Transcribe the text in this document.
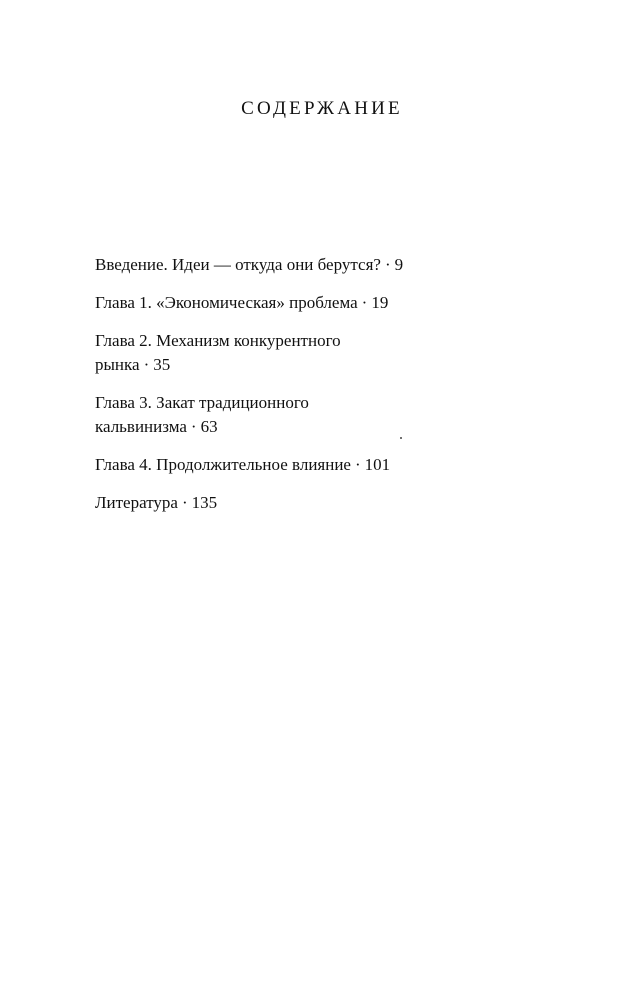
СОДЕРЖАНИЕ
Введение. Идеи — откуда они берутся? · 9
Глава 1. «Экономическая» проблема · 19
Глава 2. Механизм конкурентного
рынка · 35
Глава 3. Закат традиционного
кальвинизма · 63
Глава 4. Продолжительное влияние · 101
Литература · 135
